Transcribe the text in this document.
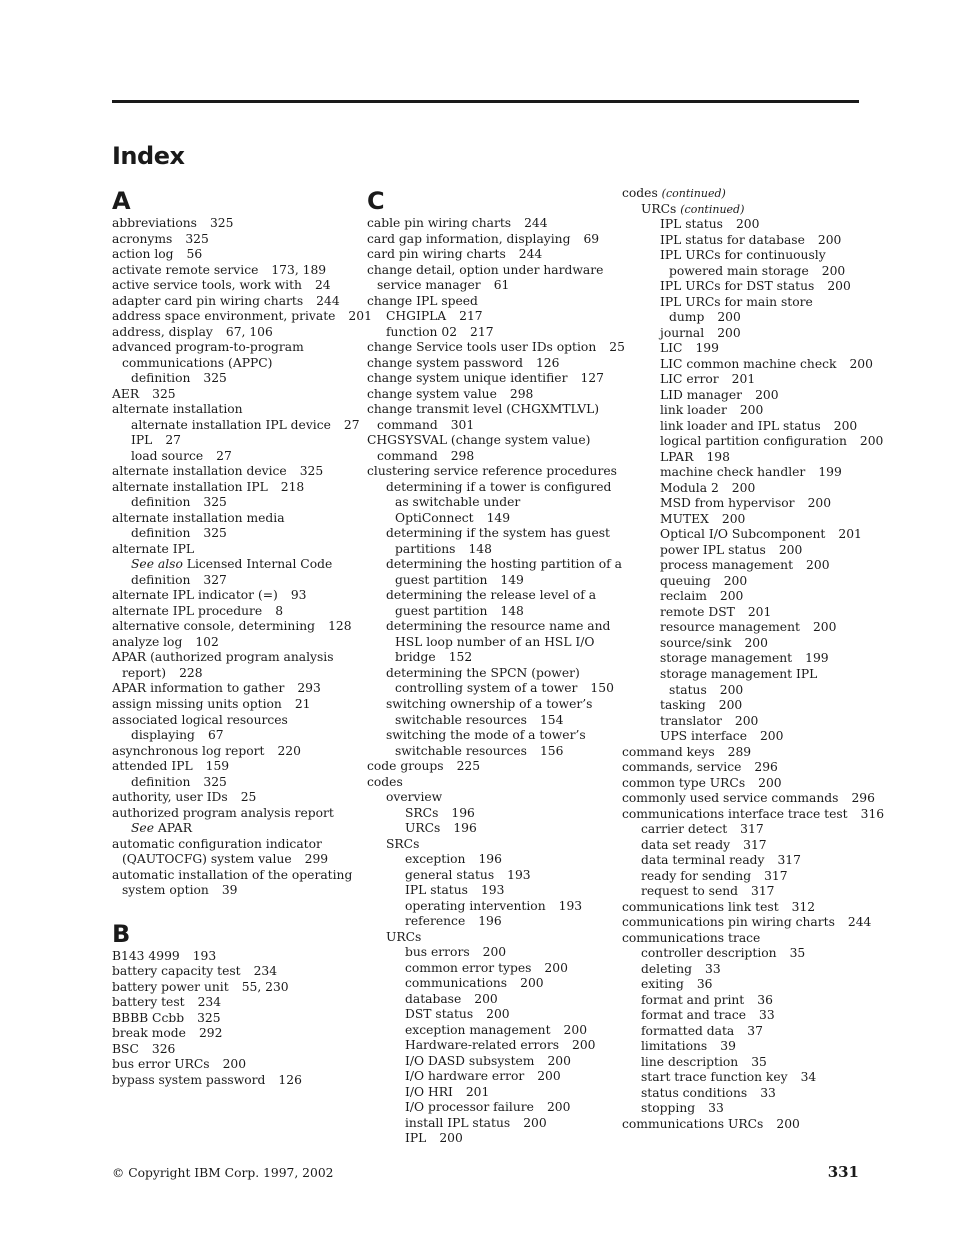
Index
A
abbreviations 325
acronyms 325
action log 56
activate remote service 173, 189
active service tools, work with 24
adapter card pin wiring charts 244
address space environment, private 201
address, display 67, 106
advanced program-to-program
communications (APPC)
definition 325
AER 325
alternate installation
alternate installation IPL device 27
IPL 27
load source 27
alternate installation device 325
alternate installation IPL 218
definition 325
alternate installation media
definition 325
alternate IPL
See also Licensed Internal Code
definition 327
alternate IPL indicator (=) 93
alternate IPL procedure 8
alternative console, determining 128
analyze log 102
APAR (authorized program analysis
report) 228
APAR information to gather 293
assign missing units option 21
associated logical resources
displaying 67
asynchronous log report 220
attended IPL 159
definition 325
authority, user IDs 25
authorized program analysis report
See APAR
automatic configuration indicator
(QAUTOCFG) system value 299
automatic installation of the operating
system option 39
B
B143 4999 193
battery capacity test 234
battery power unit 55, 230
battery test 234
BBBB Ccbb 325
break mode 292
BSC 326
bus error URCs 200
bypass system password 126
C
cable pin wiring charts 244
card gap information, displaying 69
card pin wiring charts 244
change detail, option under hardware
service manager 61
change IPL speed
CHGIPLA 217
function 02 217
change Service tools user IDs option 25
change system password 126
change system unique identifier 127
change system value 298
change transmit level (CHGXMTLVL)
command 301
CHGSYSVAL (change system value)
command 298
clustering service reference procedures
determining if a tower is configured
as switchable under
OptiConnect 149
determining if the system has guest
partitions 148
determining the hosting partition of a
guest partition 149
determining the release level of a
guest partition 148
determining the resource name and
HSL loop number of an HSL I/O
bridge 152
determining the SPCN (power)
controlling system of a tower 150
switching ownership of a tower’s
switchable resources 154
switching the mode of a tower’s
switchable resources 156
code groups 225
codes
overview
SRCs 196
URCs 196
SRCs
exception 196
general status 193
IPL status 193
operating intervention 193
reference 196
URCs
bus errors 200
common error types 200
communications 200
database 200
DST status 200
exception management 200
Hardware-related errors 200
I/O DASD subsystem 200
I/O hardware error 200
I/O HRI 201
I/O processor failure 200
install IPL status 200
IPL 200
codes (continued)
URCs (continued)
IPL status 200
IPL status for database 200
IPL URCs for continuously
powered main storage 200
IPL URCs for DST status 200
IPL URCs for main store
dump 200
journal 200
LIC 199
LIC common machine check 200
LIC error 201
LID manager 200
link loader 200
link loader and IPL status 200
logical partition configuration 200
LPAR 198
machine check handler 199
Modula 2 200
MSD from hypervisor 200
MUTEX 200
Optical I/O Subcomponent 201
power IPL status 200
process management 200
queuing 200
reclaim 200
remote DST 201
resource management 200
source/sink 200
storage management 199
storage management IPL
status 200
tasking 200
translator 200
UPS interface 200
command keys 289
commands, service 296
common type URCs 200
commonly used service commands 296
communications interface trace test 316
carrier detect 317
data set ready 317
data terminal ready 317
ready for sending 317
request to send 317
communications link test 312
communications pin wiring charts 244
communications trace
controller description 35
deleting 33
exiting 36
format and print 36
format and trace 33
formatted data 37
limitations 39
line description 35
start trace function key 34
status conditions 33
stopping 33
communications URCs 200
© Copyright IBM Corp. 1997, 2002	331
